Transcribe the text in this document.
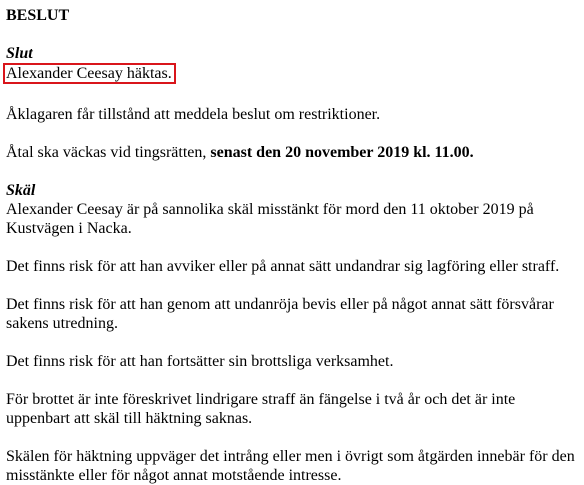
BESLUT
Slut

Alexander Ceesay häktas.

Åklagaren får tillstånd att meddela beslut om restriktioner.

Åtal ska väckas vid tingsrätten, senast den 20 november 2019 kl. 11.00.

Skäl

Alexander Ceesay är på sannolika skäl misstänkt för mord den 11 oktober 2019 på Kustvägen i Nacka.

Det finns risk för att han avviker eller på annat sätt undandrar sig lagföring eller straff.

Det finns risk för att han genom att undanröja bevis eller på något annat sätt försvårar sakens utredning.

Det finns risk för att han fortsätter sin brottsliga verksamhet.

För brottet är inte föreskrivet lindrigare straff än fängelse i två år och det är inte uppenbart att skäl till häktning saknas.

Skälen för häktning uppväger det intrång eller men i övrigt som åtgärden innebär för den misstänkte eller för något annat motstående intresse.
